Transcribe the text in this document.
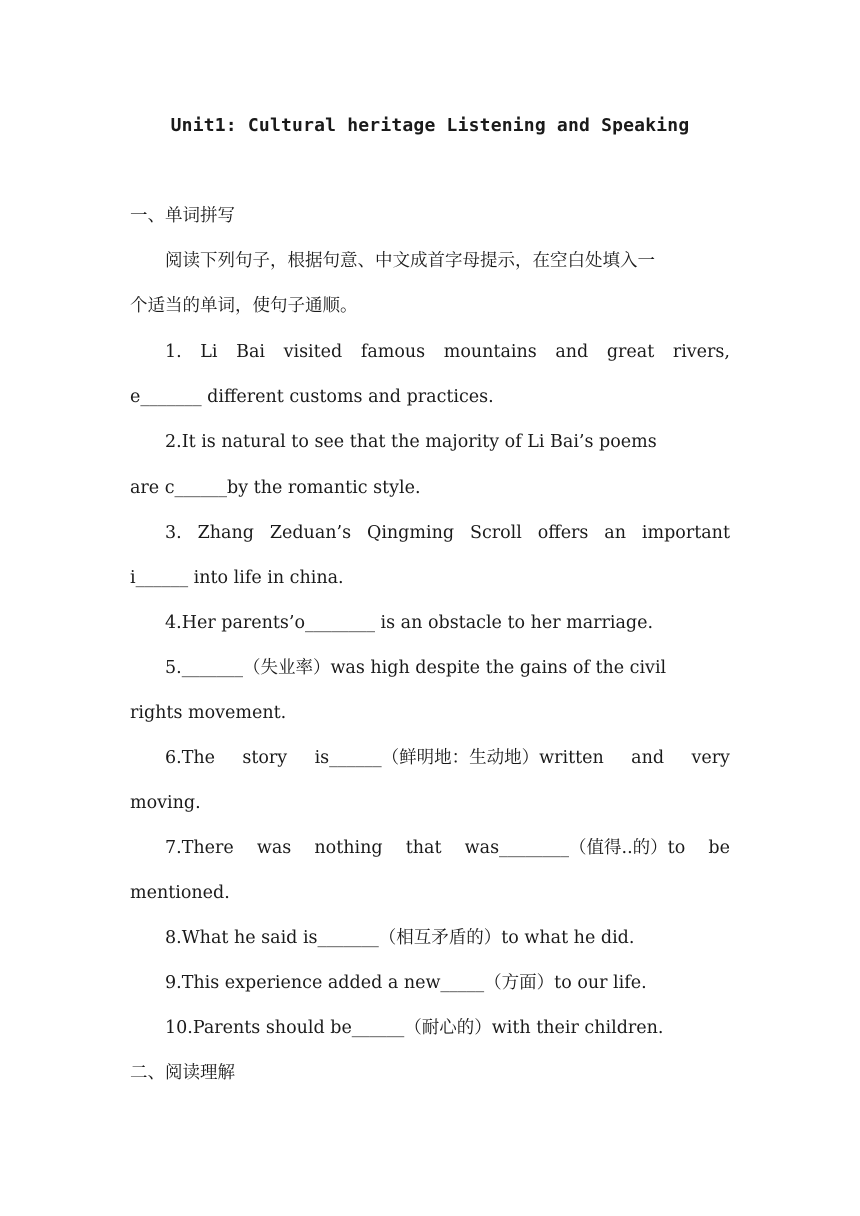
Unit1: Cultural heritage Listening and Speaking
一、单词拼写
阅读下列句子，根据句意、中文成首字母提示，在空白处填入一
个适当的单词，使句子通顺。
1. Li Bai visited famous mountains and great rivers,
e_______ different customs and practices.
2.It is natural to see that the majority of Li Bai’s poems
are c______by the romantic style.
3. Zhang Zeduan’s Qingming Scroll offers an important
i______ into life in china.
4.Her parents’o________ is an obstacle to her marriage.
5._______（失业率）was high despite the gains of the civil
rights movement.
6.The story is______（鲜明地：生动地）written and very
moving.
7.There was nothing that was________（值得..的）to be
mentioned.
8.What he said is_______（相互矛盾的）to what he did.
9.This experience added a new_____（方面）to our life.
10.Parents should be______（耐心的）with their children.
二、阅读理解
